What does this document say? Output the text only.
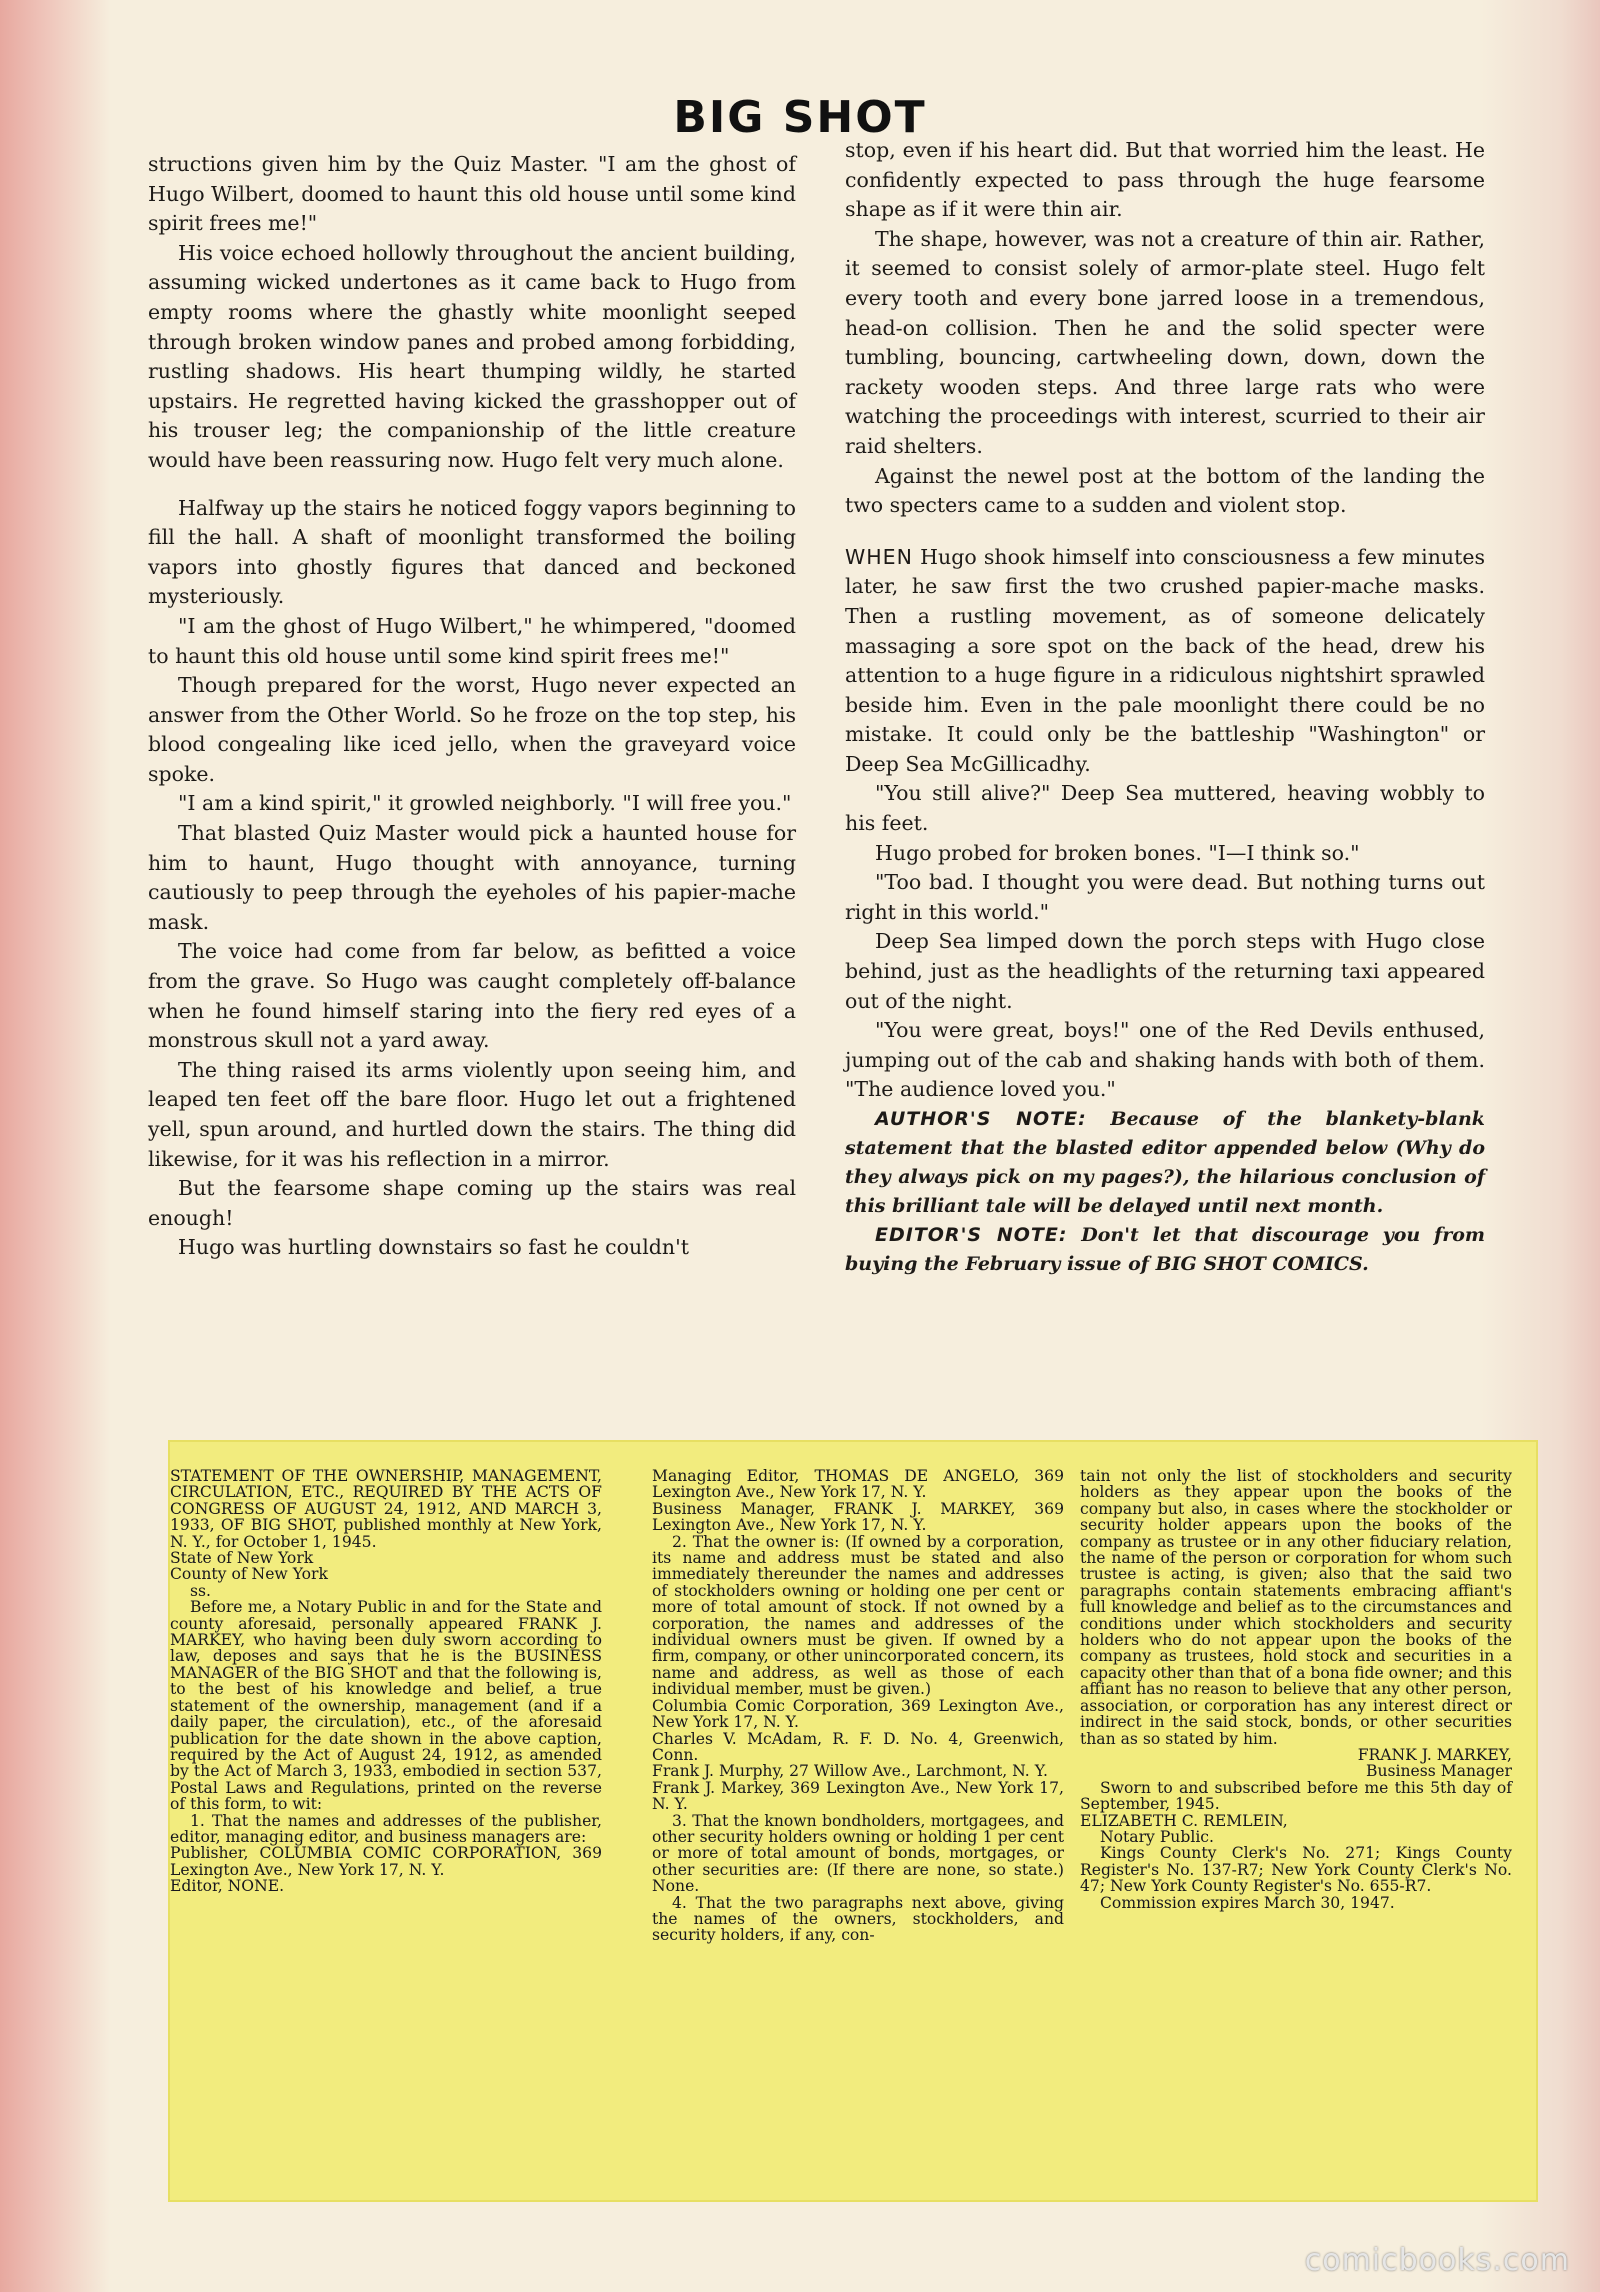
BIG SHOT

structions given him by the Quiz Master. "I am the ghost of Hugo Wilbert, doomed to haunt this old house until some kind spirit frees me!"

His voice echoed hollowly throughout the ancient building, assuming wicked undertones as it came back to Hugo from empty rooms where the ghastly white moonlight seeped through broken window panes and probed among forbidding, rustling shadows. His heart thumping wildly, he started upstairs. He regretted having kicked the grasshopper out of his trouser leg; the companionship of the little creature would have been reassuring now. Hugo felt very much alone.

Halfway up the stairs he noticed foggy vapors beginning to fill the hall. A shaft of moonlight transformed the boiling vapors into ghostly figures that danced and beckoned mysteriously.

"I am the ghost of Hugo Wilbert," he whimpered, "doomed to haunt this old house until some kind spirit frees me!"

Though prepared for the worst, Hugo never expected an answer from the Other World. So he froze on the top step, his blood congealing like iced jello, when the graveyard voice spoke.

"I am a kind spirit," it growled neighborly. "I will free you."

That blasted Quiz Master would pick a haunted house for him to haunt, Hugo thought with annoyance, turning cautiously to peep through the eyeholes of his papier-mache mask.

The voice had come from far below, as befitted a voice from the grave. So Hugo was caught completely off-balance when he found himself staring into the fiery red eyes of a monstrous skull not a yard away.

The thing raised its arms violently upon seeing him, and leaped ten feet off the bare floor. Hugo let out a frightened yell, spun around, and hurtled down the stairs. The thing did likewise, for it was his reflection in a mirror.

But the fearsome shape coming up the stairs was real enough!

Hugo was hurtling downstairs so fast he couldn't

stop, even if his heart did. But that worried him the least. He confidently expected to pass through the huge fearsome shape as if it were thin air.

The shape, however, was not a creature of thin air. Rather, it seemed to consist solely of armor-plate steel. Hugo felt every tooth and every bone jarred loose in a tremendous, head-on collision. Then he and the solid specter were tumbling, bouncing, cartwheeling down, down, down the rackety wooden steps. And three large rats who were watching the proceedings with interest, scurried to their air raid shelters.

Against the newel post at the bottom of the landing the two specters came to a sudden and violent stop.

WHEN Hugo shook himself into consciousness a few minutes later, he saw first the two crushed papier-mache masks. Then a rustling movement, as of someone delicately massaging a sore spot on the back of the head, drew his attention to a huge figure in a ridiculous nightshirt sprawled beside him. Even in the pale moonlight there could be no mistake. It could only be the battleship "Washington" or Deep Sea McGillicadhy.

"You still alive?" Deep Sea muttered, heaving wobbly to his feet.

Hugo probed for broken bones. "I—I think so."

"Too bad. I thought you were dead. But nothing turns out right in this world."

Deep Sea limped down the porch steps with Hugo close behind, just as the headlights of the returning taxi appeared out of the night.

"You were great, boys!" one of the Red Devils enthused, jumping out of the cab and shaking hands with both of them. "The audience loved you."

AUTHOR'S NOTE: Because of the blankety-blank statement that the blasted editor appended below (Why do they always pick on my pages?), the hilarious conclusion of this brilliant tale will be delayed until next month.

EDITOR'S NOTE: Don't let that discourage you from buying the February issue of BIG SHOT COMICS.

STATEMENT OF THE OWNERSHIP, MANAGEMENT, CIRCULATION, ETC., REQUIRED BY THE ACTS OF CONGRESS OF AUGUST 24, 1912, AND MARCH 3, 1933, OF BIG SHOT, published monthly at New York, N. Y., for October 1, 1945.

State of New York

County of New York

ss.

Before me, a Notary Public in and for the State and county aforesaid, personally appeared FRANK J. MARKEY, who having been duly sworn according to law, deposes and says that he is the BUSINESS MANAGER of the BIG SHOT and that the following is, to the best of his knowledge and belief, a true statement of the ownership, management (and if a daily paper, the circulation), etc., of the aforesaid publication for the date shown in the above caption, required by the Act of August 24, 1912, as amended by the Act of March 3, 1933, embodied in section 537, Postal Laws and Regulations, printed on the reverse of this form, to wit:

1. That the names and addresses of the publisher, editor, managing editor, and business managers are:

Publisher, COLUMBIA COMIC CORPORATION, 369 Lexington Ave., New York 17, N. Y.

Editor, NONE.

Managing Editor, THOMAS DE ANGELO, 369 Lexington Ave., New York 17, N. Y.

Business Manager, FRANK J. MARKEY, 369 Lexington Ave., New York 17, N. Y.

2. That the owner is: (If owned by a corporation, its name and address must be stated and also immediately thereunder the names and addresses of stockholders owning or holding one per cent or more of total amount of stock. If not owned by a corporation, the names and addresses of the individual owners must be given. If owned by a firm, company, or other unincorporated concern, its name and address, as well as those of each individual member, must be given.)

Columbia Comic Corporation, 369 Lexington Ave., New York 17, N. Y.

Charles V. McAdam, R. F. D. No. 4, Greenwich, Conn.

Frank J. Murphy, 27 Willow Ave., Larchmont, N. Y.

Frank J. Markey, 369 Lexington Ave., New York 17, N. Y.

3. That the known bondholders, mortgagees, and other security holders owning or holding 1 per cent or more of total amount of bonds, mortgages, or other securities are: (If there are none, so state.) None.

4. That the two paragraphs next above, giving the names of the owners, stockholders, and security holders, if any, con-

tain not only the list of stockholders and security holders as they appear upon the books of the company but also, in cases where the stockholder or security holder appears upon the books of the company as trustee or in any other fiduciary relation, the name of the person or corporation for whom such trustee is acting, is given; also that the said two paragraphs contain statements embracing affiant's full knowledge and belief as to the circumstances and conditions under which stockholders and security holders who do not appear upon the books of the company as trustees, hold stock and securities in a capacity other than that of a bona fide owner; and this affiant has no reason to believe that any other person, association, or corporation has any interest direct or indirect in the said stock, bonds, or other securities than as so stated by him.

FRANK J. MARKEY,

Business Manager

Sworn to and subscribed before me this 5th day of September, 1945.

ELIZABETH C. REMLEIN,

Notary Public.

Kings County Clerk's No. 271; Kings County Register's No. 137-R7; New York County Clerk's No. 47; New York County Register's No. 655-R7.

Commission expires March 30, 1947.

comicbooks.com
